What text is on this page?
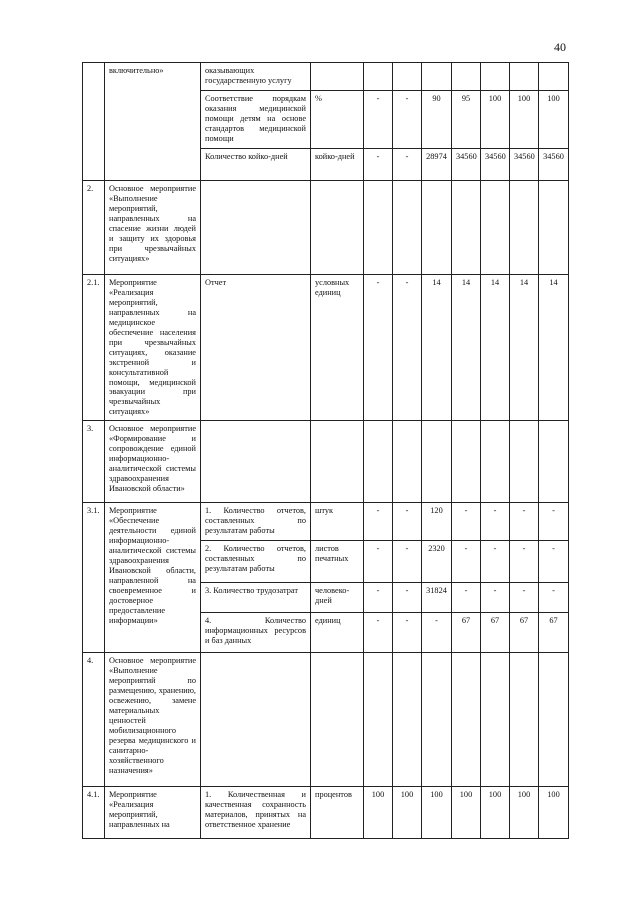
40
	включительно»	оказывающих государственную услугу								
		Соответствие порядкам оказания медицинской помощи детям на основе стандартов медицинской помощи	%	-	-	90	95	100	100	100
		Количество койко-дней	койко-дней	-	-	28974	34560	34560	34560	34560
2.	Основное мероприятие «Выполнение мероприятий, направленных на спасение жизни людей и защиту их здоровья при чрезвычайных ситуациях»									
2.1.	Мероприятие «Реализация мероприятий, направленных на медицинское обеспечение населения при чрезвычайных ситуациях, оказание экстренной и консультативной помощи, медицинской эвакуации при чрезвычайных ситуациях»	Отчет	условных единиц	-	-	14	14	14	14	14
3.	Основное мероприятие «Формирование и сопровождение единой информационно-аналитической системы здравоохранения Ивановской области»									
3.1.	Мероприятие «Обеспечение деятельности единой информационно-аналитической системы здравоохранения Ивановской области, направленной на своевременное и достоверное предоставление информации»	1. Количество отчетов, составленных по результатам работы	штук	-	-	120	-	-	-	-
		2. Количество отчетов, составленных по результатам работы	листов печатных	-	-	2320	-	-	-	-
		3. Количество трудозатрат	человеко-дней	-	-	31824	-	-	-	-
		4. Количество информационных ресурсов и баз данных	единиц	-	-	-	67	67	67	67
4.	Основное мероприятие «Выполнение мероприятий по размещению, хранению, освежению, замене материальных ценностей мобилизационного резерва медицинского и санитарно-хозяйственного назначения»									
4.1.	Мероприятие «Реализация мероприятий, направленных на	1. Количественная и качественная сохранность материалов, принятых на ответственное хранение	процентов	100	100	100	100	100	100	100
